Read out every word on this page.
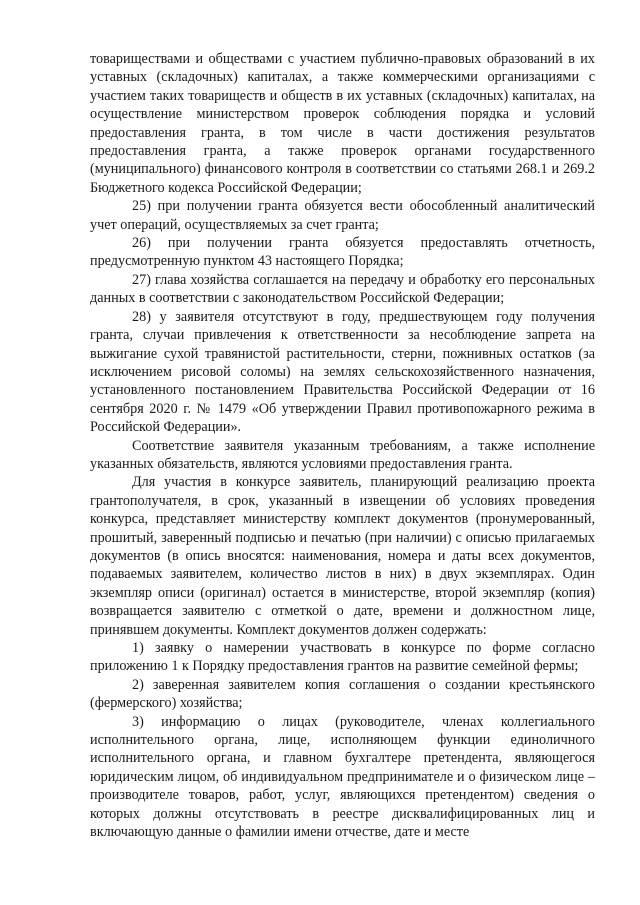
товариществами и обществами с участием публично-правовых образований в их уставных (складочных) капиталах, а также коммерческими организациями с участием таких товариществ и обществ в их уставных (складочных) капиталах, на осуществление министерством проверок соблюдения порядка и условий предоставления гранта, в том числе в части достижения результатов предоставления гранта, а также проверок органами государственного (муниципального) финансового контроля в соответствии со статьями 268.1 и 269.2 Бюджетного кодекса Российской Федерации;

25) при получении гранта обязуется вести обособленный аналитический учет операций, осуществляемых за счет гранта;

26) при получении гранта обязуется предоставлять отчетность, предусмотренную пунктом 43 настоящего Порядка;

27) глава хозяйства соглашается на передачу и обработку его персональных данных в соответствии с законодательством Российской Федерации;

28) у заявителя отсутствуют в году, предшествующем году получения гранта, случаи привлечения к ответственности за несоблюдение запрета на выжигание сухой травянистой растительности, стерни, пожнивных остатков (за исключением рисовой соломы) на землях сельскохозяйственного назначения, установленного постановлением Правительства Российской Федерации от 16 сентября 2020 г. № 1479 «Об утверждении Правил противопожарного режима в Российской Федерации».

Соответствие заявителя указанным требованиям, а также исполнение указанных обязательств, являются условиями предоставления гранта.

Для участия в конкурсе заявитель, планирующий реализацию проекта грантополучателя, в срок, указанный в извещении об условиях проведения конкурса, представляет министерству комплект документов (пронумерованный, прошитый, заверенный подписью и печатью (при наличии) с описью прилагаемых документов (в опись вносятся: наименования, номера и даты всех документов, подаваемых заявителем, количество листов в них) в двух экземплярах. Один экземпляр описи (оригинал) остается в министерстве, второй экземпляр (копия) возвращается заявителю с отметкой о дате, времени и должностном лице, принявшем документы. Комплект документов должен содержать:

1) заявку о намерении участвовать в конкурсе по форме согласно приложению 1 к Порядку предоставления грантов на развитие семейной фермы;

2) заверенная заявителем копия соглашения о создании крестьянского (фермерского) хозяйства;

3) информацию о лицах (руководителе, членах коллегиального исполнительного органа, лице, исполняющем функции единоличного исполнительного органа, и главном бухгалтере претендента, являющегося юридическим лицом, об индивидуальном предпринимателе и о физическом лице – производителе товаров, работ, услуг, являющихся претендентом) сведения о которых должны отсутствовать в реестре дисквалифицированных лиц и включающую данные о фамилии имени отчестве, дате и месте
